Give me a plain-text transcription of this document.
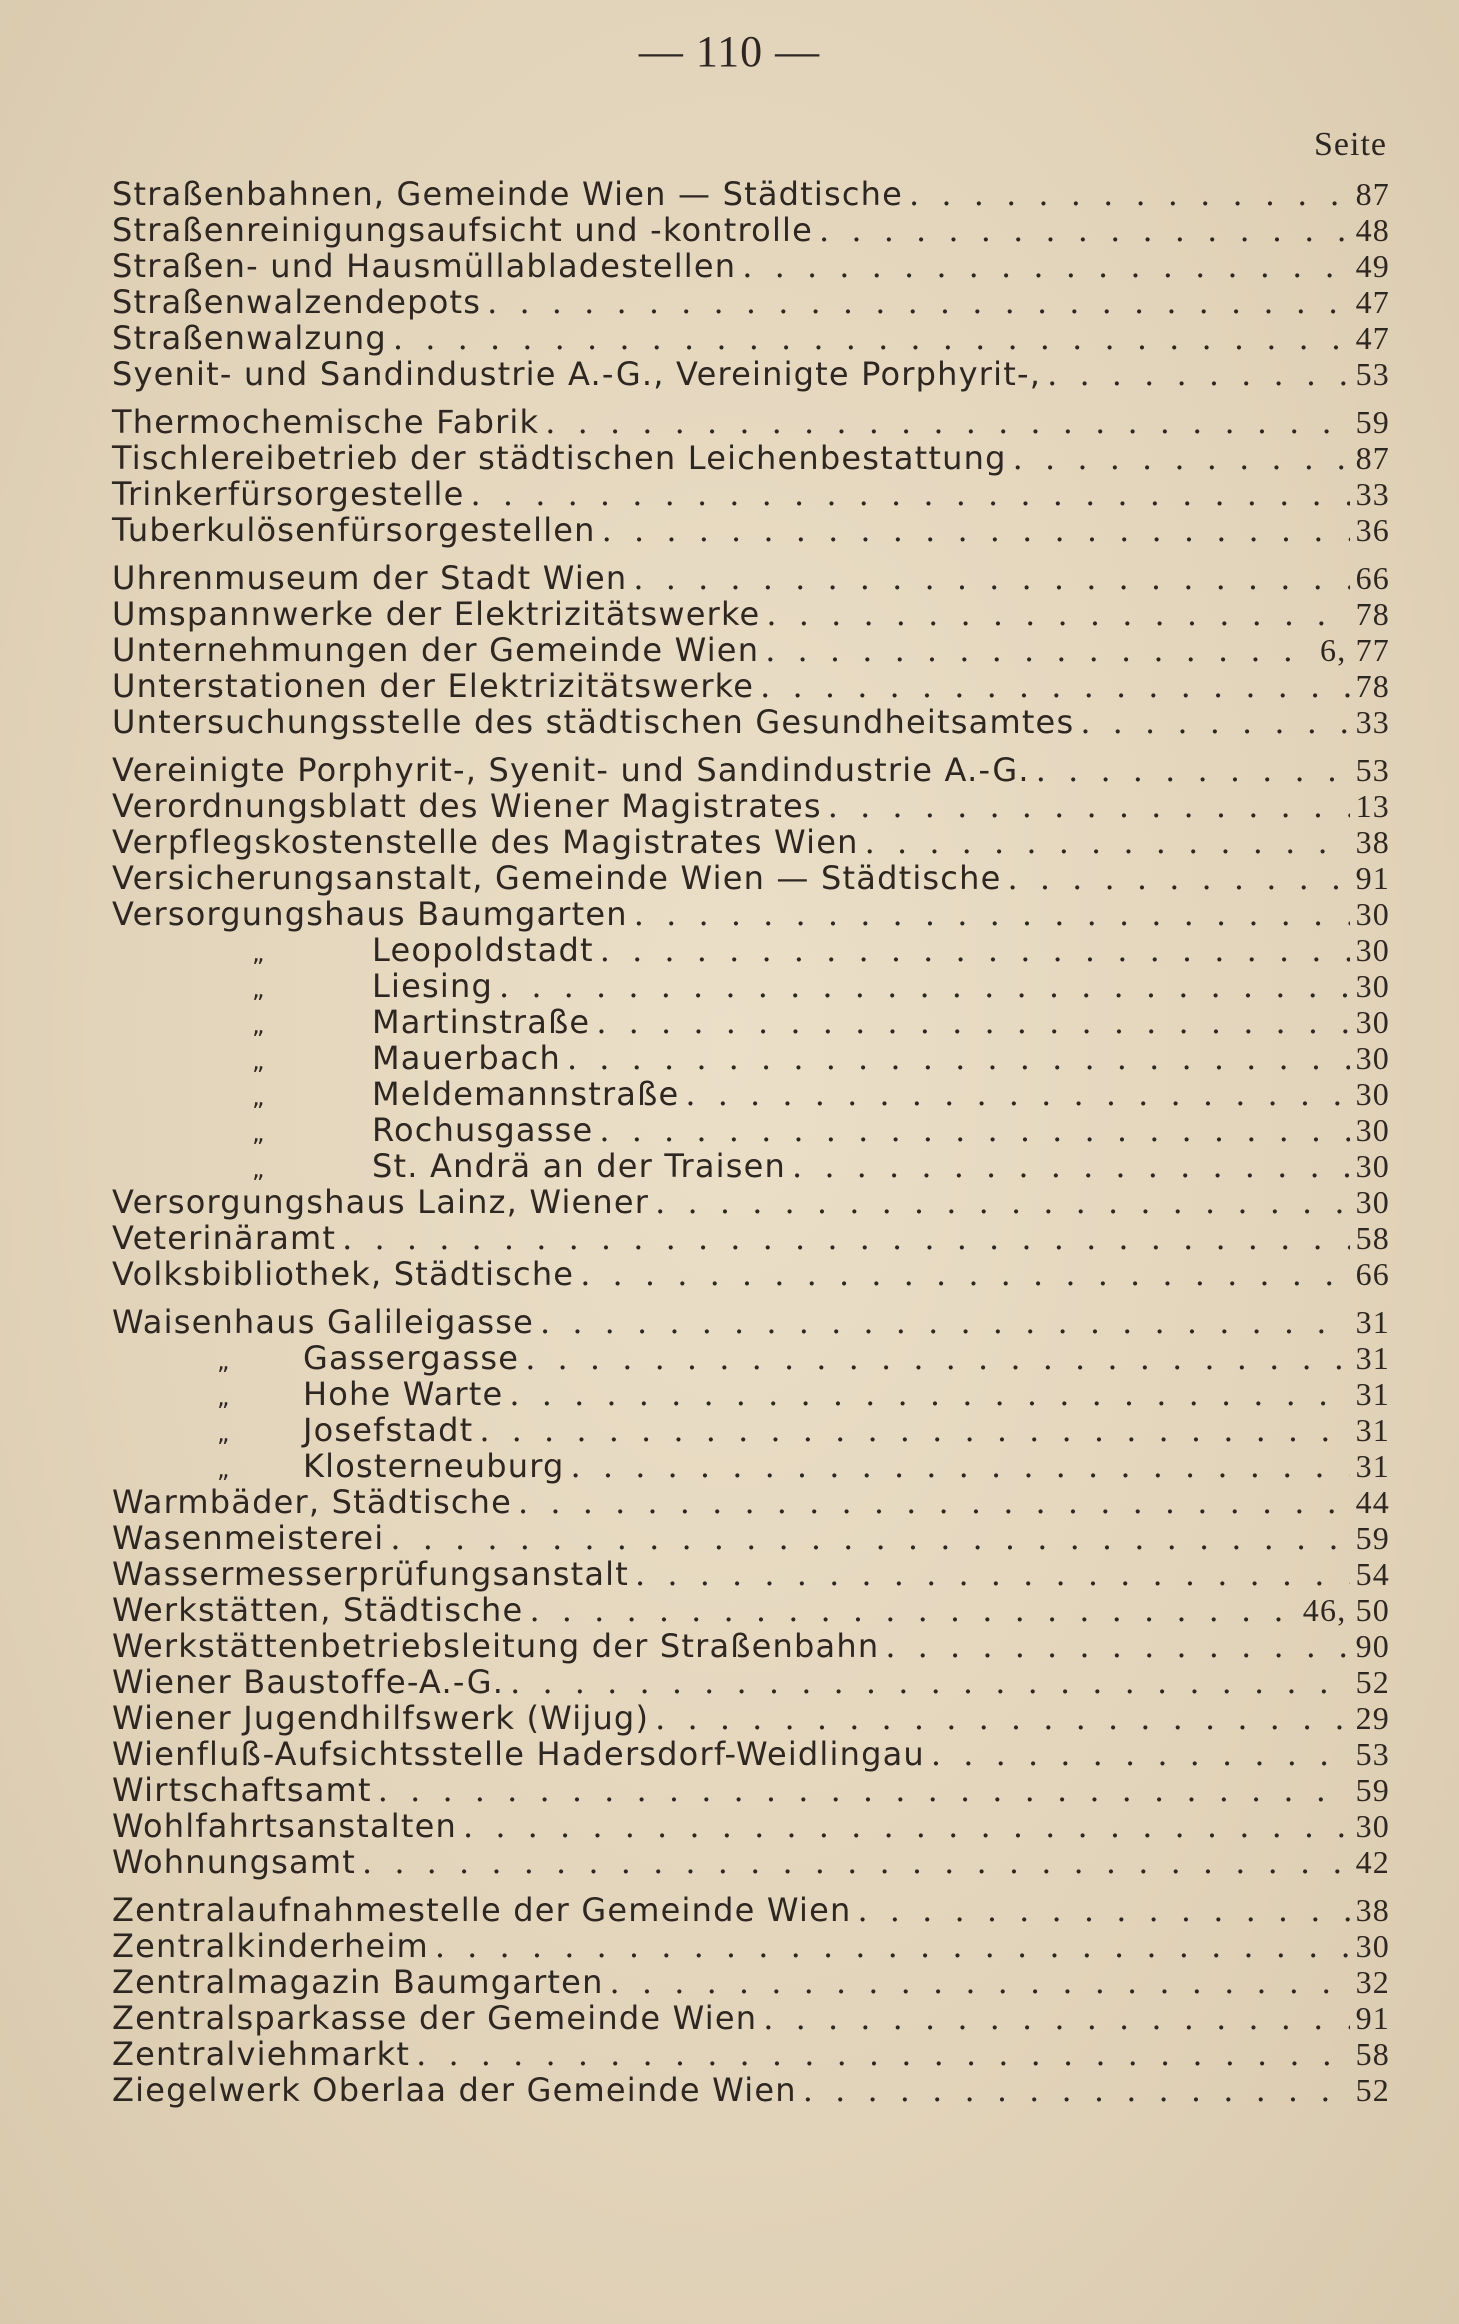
— 110 —
Seite
Straßenbahnen, Gemeinde Wien — Städtische . . .	87
Straßenreinigungsaufsicht und -kontrolle . . .	48
Straßen- und Hausmüllabladestellen . . .	49
Straßenwalzendepots . . .	47
Straßenwalzung . . .	47
Syenit- und Sandindustrie A.-G., Vereinigte Porphyrit-, . . .	53
Thermochemische Fabrik . . .	59
Tischlereibetrieb der städtischen Leichenbestattung . . .	87
Trinkerfürsorgestelle . . .	33
Tuberkulösenfürsorgestellen . . .	36
Uhrenmuseum der Stadt Wien . . .	66
Umspannwerke der Elektrizitätswerke . . .	78
Unternehmungen der Gemeinde Wien . . .	6, 77
Unterstationen der Elektrizitätswerke . . .	78
Untersuchungsstelle des städtischen Gesundheitsamtes . . .	33
Vereinigte Porphyrit-, Syenit- und Sandindustrie A.-G. . . .	53
Verordnungsblatt des Wiener Magistrates . . .	13
Verpflegskostenstelle des Magistrates Wien . . .	38
Versicherungsanstalt, Gemeinde Wien — Städtische . . .	91
Versorgungshaus Baumgarten . . .	30
„	Leopoldstadt . . .	30
„	Liesing . . .	30
„	Martinstraße . . .	30
„	Mauerbach . . .	30
„	Meldemannstraße . . .	30
„	Rochusgasse . . .	30
„	St. Andrä an der Traisen . . .	30
Versorgungshaus Lainz, Wiener . . .	30
Veterinäramt . . .	58
Volksbibliothek, Städtische . . .	66
Waisenhaus Galileigasse . . .	31
„	Gassergasse . . .	31
„	Hohe Warte . . .	31
„	Josefstadt . . .	31
„	Klosterneuburg . . .	31
Warmbäder, Städtische . . .	44
Wasenmeisterei . . .	59
Wassermesserprüfungsanstalt . . .	54
Werkstätten, Städtische . . .	46, 50
Werkstättenbetriebsleitung der Straßenbahn . . .	90
Wiener Baustoffe-A.-G. . . .	52
Wiener Jugendhilfswerk (Wijug) . . .	29
Wienfluß-Aufsichtsstelle Hadersdorf-Weidlingau . . .	53
Wirtschaftsamt . . .	59
Wohlfahrtsanstalten . . .	30
Wohnungsamt . . .	42
Zentralaufnahmestelle der Gemeinde Wien . . .	38
Zentralkinderheim . . .	30
Zentralmagazin Baumgarten . . .	32
Zentralsparkasse der Gemeinde Wien . . .	91
Zentralviehmarkt . . .	58
Ziegelwerk Oberlaa der Gemeinde Wien . . .	52
